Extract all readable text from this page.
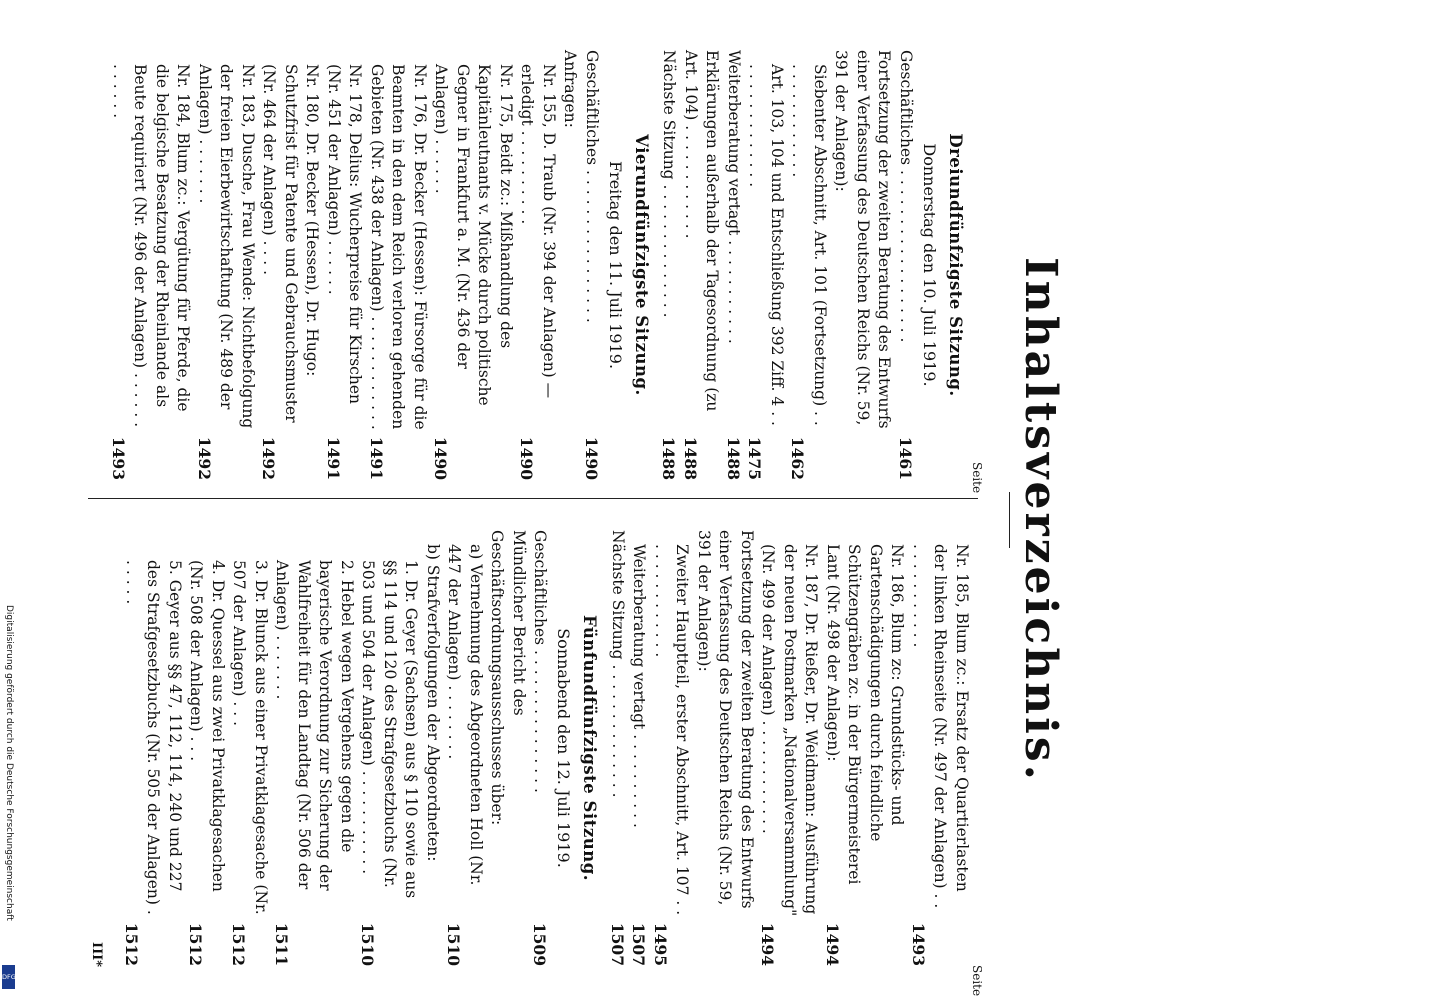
Inhaltsverzeichnis.
Seite
Seite
Dreiundfünfzigste Sitzung.
Donnerstag den 10. Juli 1919.
Geschäftliches . . . . . . . . . . . . . . . . . .
1461
Fortsetzung der zweiten Beratung des Entwurfs einer Verfassung des Deutschen Reichs (Nr. 59, 391 der Anlagen):
Siebenter Abschnitt, Art. 101 (Fortsetzung) . . . . . . . . . . . . . .
1462
Art. 103, 104 und Entschließung 392 Ziff. 4 . . . . . . . . . . . . . . .
1475
Weiterberatung vertagt . . . . . . . . . . .
1488
Erklärungen außerhalb der Tagesordnung (zu Art. 104) . . . . . . . . . . . .
1488
Nächste Sitzung . . . . . . . . . . . . . .
1488
Vierundfünfzigste Sitzung.
Freitag den 11. Juli 1919.
Geschäftliches . . . . . . . . . . . . . . . .
1490
Anfragen:
Nr. 155, D. Traub (Nr. 394 der Anlagen) — erledigt . . . . . . . . . .
1490
Nr. 175, Beidt zc.: Mißhandlung des Kapitänleutnants v. Mücke durch politische Gegner in Frankfurt a. M. (Nr. 436 der Anlagen) . . . . . .
1490
Nr. 176, Dr. Becker (Hessen): Fürsorge für die Beamten in den dem Reich verloren gehenden Gebieten (Nr. 438 der Anlagen) . . . . . . . . . . . .
1491
Nr. 178, Delius: Wucherpreise für Kirschen (Nr. 451 der Anlagen) . . . . . .
1491
Nr. 180, Dr. Becker (Hessen), Dr. Hugo: Schutzfrist für Patente und Gebrauchsmuster (Nr. 464 der Anlagen) . . . .
1492
Nr. 183, Dusche, Frau Wende: Nichtbefolgung der freien Eierbewirtschaftung (Nr. 489 der Anlagen) . . . . . . .
1492
Nr. 184, Blum zc.: Vergütung für Pferde, die die belgische Besatzung der Rheinlande als Beute requiriert (Nr. 496 der Anlagen) . . . . . . . . . . . .
1493
Nr. 185, Blum zc.: Ersatz der Quartierlasten der linken Rheinseite (Nr. 497 der Anlagen) . . . . . . . . . . . . .
1493
Nr. 186, Blum zc: Grundstücks- und Gartenschädigungen durch feindliche Schützengräben zc. in der Bürgermeisterei Lant (Nr. 498 der Anlagen):
1494
Nr. 187, Dr. Rießer, Dr. Weidmann: Ausführung der neuen Postmarken „Nationalversammlung" (Nr. 499 der Anlagen) . . . . . . . . . . . .
1494
Fortsetzung der zweiten Beratung des Entwurfs einer Verfassung des Deutschen Reichs (Nr. 59, 391 der Anlagen):
Zweiter Hauptteil, erster Abschnitt, Art. 107 . . . . . . . . . . . . . .
1495
Weiterberatung vertagt . . . . . . . . . .
1507
Nächste Sitzung . . . . . . . . . . . . . .
1507
Fünfundfünfzigste Sitzung.
Sonnabend den 12. Juli 1919.
Geschäftliches . . . . . . . . . . . . . . .
1509
Mündlicher Bericht des Geschäftsordnungsausschusses über:
a) Vernehmung des Abgeordneten Holl (Nr. 447 der Anlagen) . . . . . . . .
1510
b) Strafverfolgungen der Abgeordneten:
1. Dr. Geyer (Sachsen) aus § 110 sowie aus §§ 114 und 120 des Strafgesetzbuchs (Nr. 503 und 504 der Anlagen) . . . . . . . . . . .
1510
2. Hebel wegen Vergehens gegen die bayerische Verordnung zur Sicherung der Wahlfreiheit für den Landtag (Nr. 506 der Anlagen) . . . . . . .
1511
3. Dr. Blunck aus einer Privatklagesache (Nr. 507 der Anlagen) . . .
1512
4. Dr. Quessel aus zwei Privatklagesachen (Nr. 508 der Anlagen) . . .
1512
5. Geyer aus §§ 47, 112, 114, 240 und 227 des Strafgesetzbuchs (Nr. 505 der Anlagen) . . . . . .
1512
III*
Digitalisierung gefördert durch die Deutsche Forschungsgemeinschaft
DFG
